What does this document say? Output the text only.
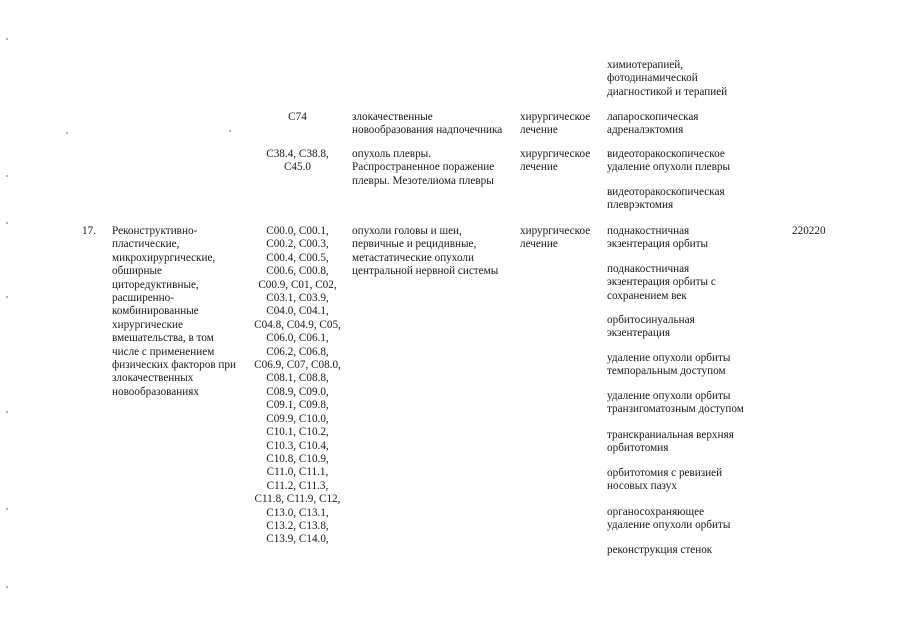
химиотерапией,
фотодинамической
диагностикой и терапией
C74	злокачественные
новообразования надпочечника
хирургическое
лечение
лапароскопическая
адреналэктомия
C38.4, C38.8,
C45.0
опухоль плевры.
Распространенное поражение
плевры. Мезотелиома плевры
хирургическое
лечение
видеоторакоскопическое
удаление опухоли плевры
видеоторакоскопическая
плеврэктомия
17. Реконструктивно-
пластические,
микрохирургические,
обширные
циторедуктивные,
расширенно-
комбинированные
хирургические
вмешательства, в том
числе с применением
физических факторов при
злокачественных
новообразованиях
C00.0, C00.1,
C00.2, C00.3,
C00.4, C00.5,
C00.6, C00.8,
C00.9, C01, C02,
C03.1, C03.9,
C04.0, C04.1,
C04.8, C04.9, C05,
C06.0, C06.1,
C06.2, C06.8,
C06.9, C07, C08.0,
C08.1, C08.8,
C08.9, C09.0,
C09.1, C09.8,
C09.9, C10.0,
C10.1, C10.2,
C10.3, C10.4,
C10.8, C10.9,
C11.0, C11.1,
C11.2, C11.3,
C11.8, C11.9, C12,
C13.0, C13.1,
C13.2, C13.8,
C13.9, C14.0,
опухоли головы и шеи,
первичные и рецидивные,
метастатические опухоли
центральной нервной системы
хирургическое
лечение
поднакостничная
экзентерация орбиты
поднакостничная
экзентерация орбиты с
сохранением век
орбитосинуальная
экзентерация
удаление опухоли орбиты
темпоральным доступом
удаление опухоли орбиты
транзигоматозным доступом
транскраниальная верхняя
орбитотомия
орбитотомия с ревизией
носовых пазух
органосохраняющее
удаление опухоли орбиты
реконструкция стенок
220220
